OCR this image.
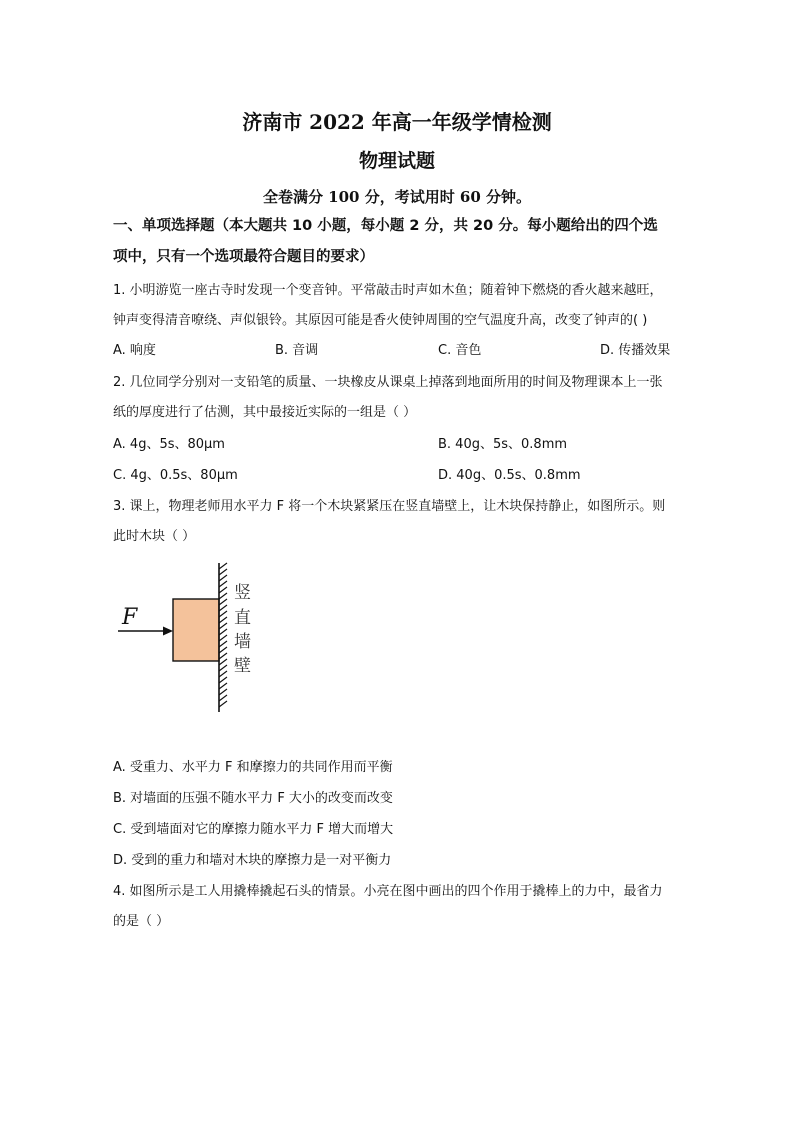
济南市 2022 年高一年级学情检测
物理试题
全卷满分 100 分，考试用时 60 分钟。
一、单项选择题（本大题共 10 小题，每小题 2 分，共 20 分。每小题给出的四个选
项中，只有一个选项最符合题目的要求）
1. 小明游览一座古寺时发现一个变音钟。平常敲击时声如木鱼；随着钟下燃烧的香火越来越旺，
钟声变得清音嘹绕、声似银铃。其原因可能是香火使钟周围的空气温度升高，改变了钟声的( )
A. 响度	B. 音调	C. 音色	D. 传播效果
2. 几位同学分别对一支铅笔的质量、一块橡皮从课桌上掉落到地面所用的时间及物理课本上一张
纸的厚度进行了估测，其中最接近实际的一组是（ ）
A. 4g、5s、80μm	B. 40g、5s、0.8mm
C. 4g、0.5s、80μm	D. 40g、0.5s、0.8mm
3. 课上，物理老师用水平力 F 将一个木块紧紧压在竖直墙壁上，让木块保持静止，如图所示。则
此时木块（ ）
F
竖
直
墙
壁
A. 受重力、水平力 F 和摩擦力的共同作用而平衡
B. 对墙面的压强不随水平力 F 大小的改变而改变
C. 受到墙面对它的摩擦力随水平力 F 增大而增大
D. 受到的重力和墙对木块的摩擦力是一对平衡力
4. 如图所示是工人用撬棒撬起石头的情景。小亮在图中画出的四个作用于撬棒上的力中，最省力
的是（ ）
